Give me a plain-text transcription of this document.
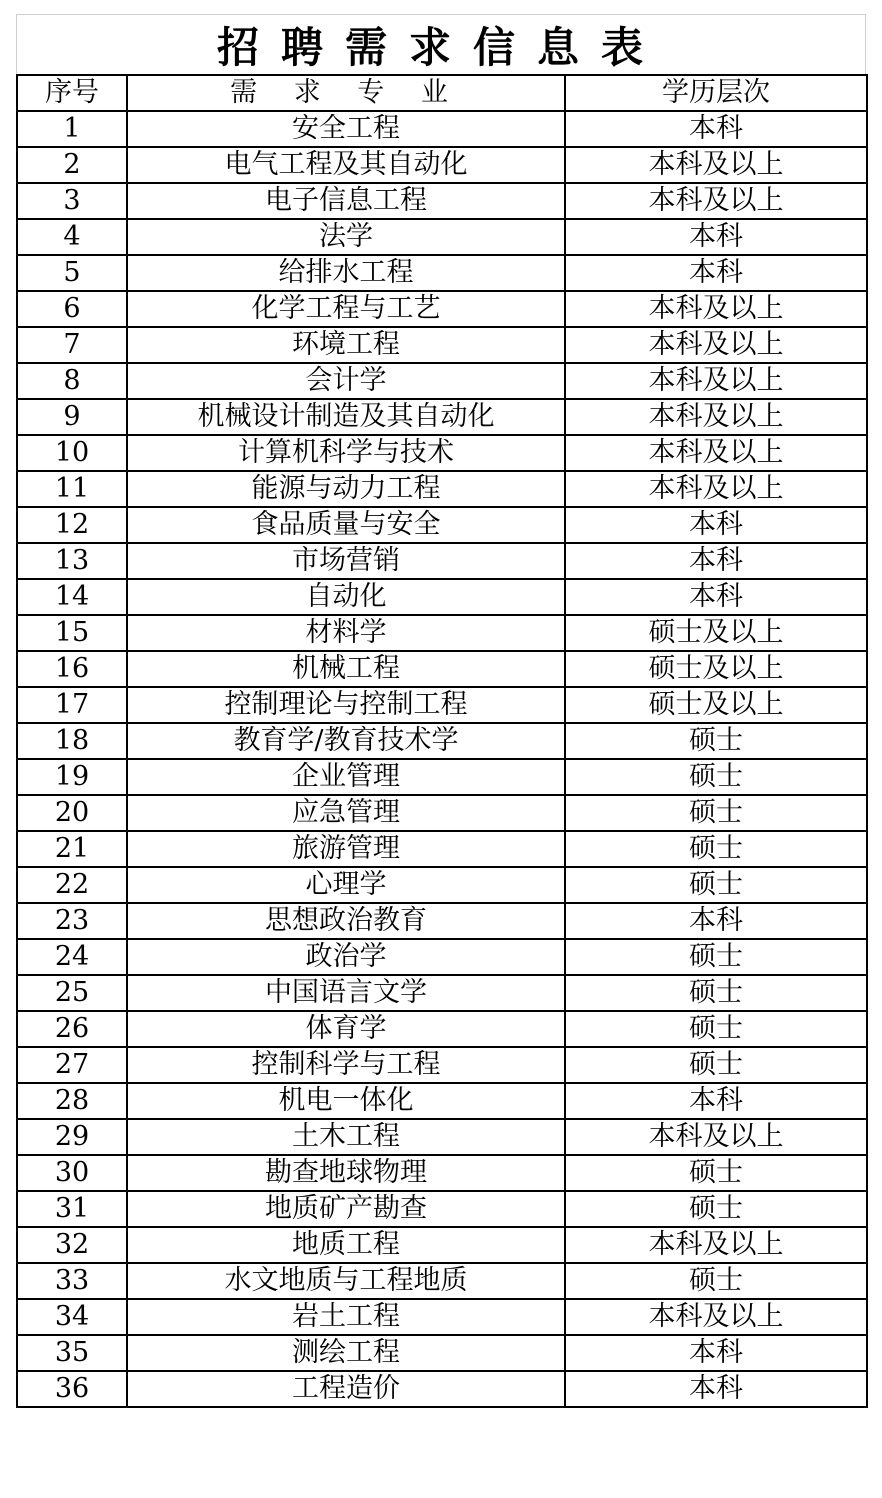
招聘需求信息表
序号	需 求 专 业	学历层次
1	安全工程	本科
2	电气工程及其自动化	本科及以上
3	电子信息工程	本科及以上
4	法学	本科
5	给排水工程	本科
6	化学工程与工艺	本科及以上
7	环境工程	本科及以上
8	会计学	本科及以上
9	机械设计制造及其自动化	本科及以上
10	计算机科学与技术	本科及以上
11	能源与动力工程	本科及以上
12	食品质量与安全	本科
13	市场营销	本科
14	自动化	本科
15	材料学	硕士及以上
16	机械工程	硕士及以上
17	控制理论与控制工程	硕士及以上
18	教育学/教育技术学	硕士
19	企业管理	硕士
20	应急管理	硕士
21	旅游管理	硕士
22	心理学	硕士
23	思想政治教育	本科
24	政治学	硕士
25	中国语言文学	硕士
26	体育学	硕士
27	控制科学与工程	硕士
28	机电一体化	本科
29	土木工程	本科及以上
30	勘查地球物理	硕士
31	地质矿产勘查	硕士
32	地质工程	本科及以上
33	水文地质与工程地质	硕士
34	岩土工程	本科及以上
35	测绘工程	本科
36	工程造价	本科
